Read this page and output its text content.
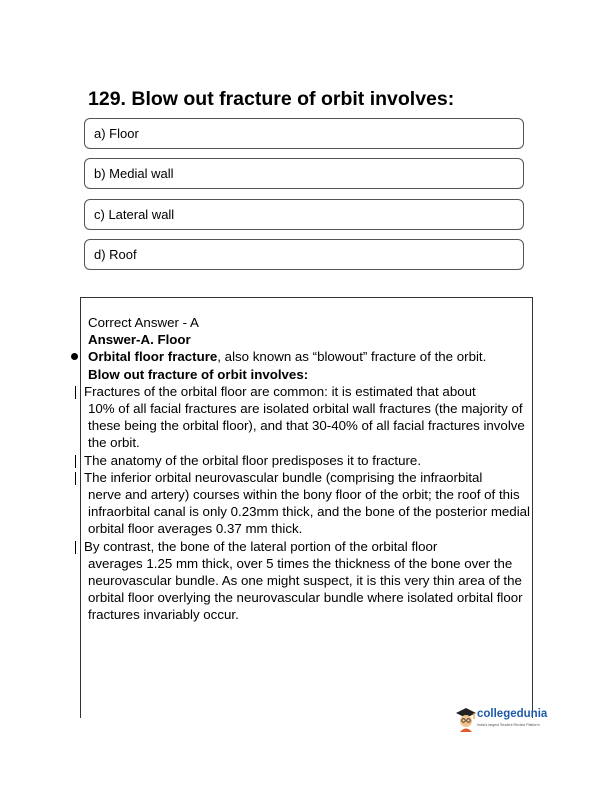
129. Blow out fracture of orbit involves:
a) Floor
b) Medial wall
c) Lateral wall
d) Roof

Correct Answer - A

Answer-A. Floor

Orbital floor fracture, also known as “blowout” fracture of the orbit.

Blow out fracture of orbit involves:

Fractures of the orbital floor are common: it is estimated that about
10% of all facial fractures are isolated orbital wall fractures (the majority of these being the orbital floor), and that 30-40% of all facial fractures involve the orbit.
The anatomy of the orbital floor predisposes it to fracture.
The inferior orbital neurovascular bundle (comprising the infraorbital
nerve and artery) courses within the bony floor of the orbit; the roof of this infraorbital canal is only 0.23mm thick, and the bone of the posterior medial orbital floor averages 0.37 mm thick.
By contrast, the bone of the lateral portion of the orbital floor
averages 1.25 mm thick, over 5 times the thickness of the bone over the neurovascular bundle. As one might suspect, it is this very thin area of the orbital floor overlying the neurovascular bundle where isolated orbital floor fractures invariably occur.
collegedunia
India's largest Student Review Platform
